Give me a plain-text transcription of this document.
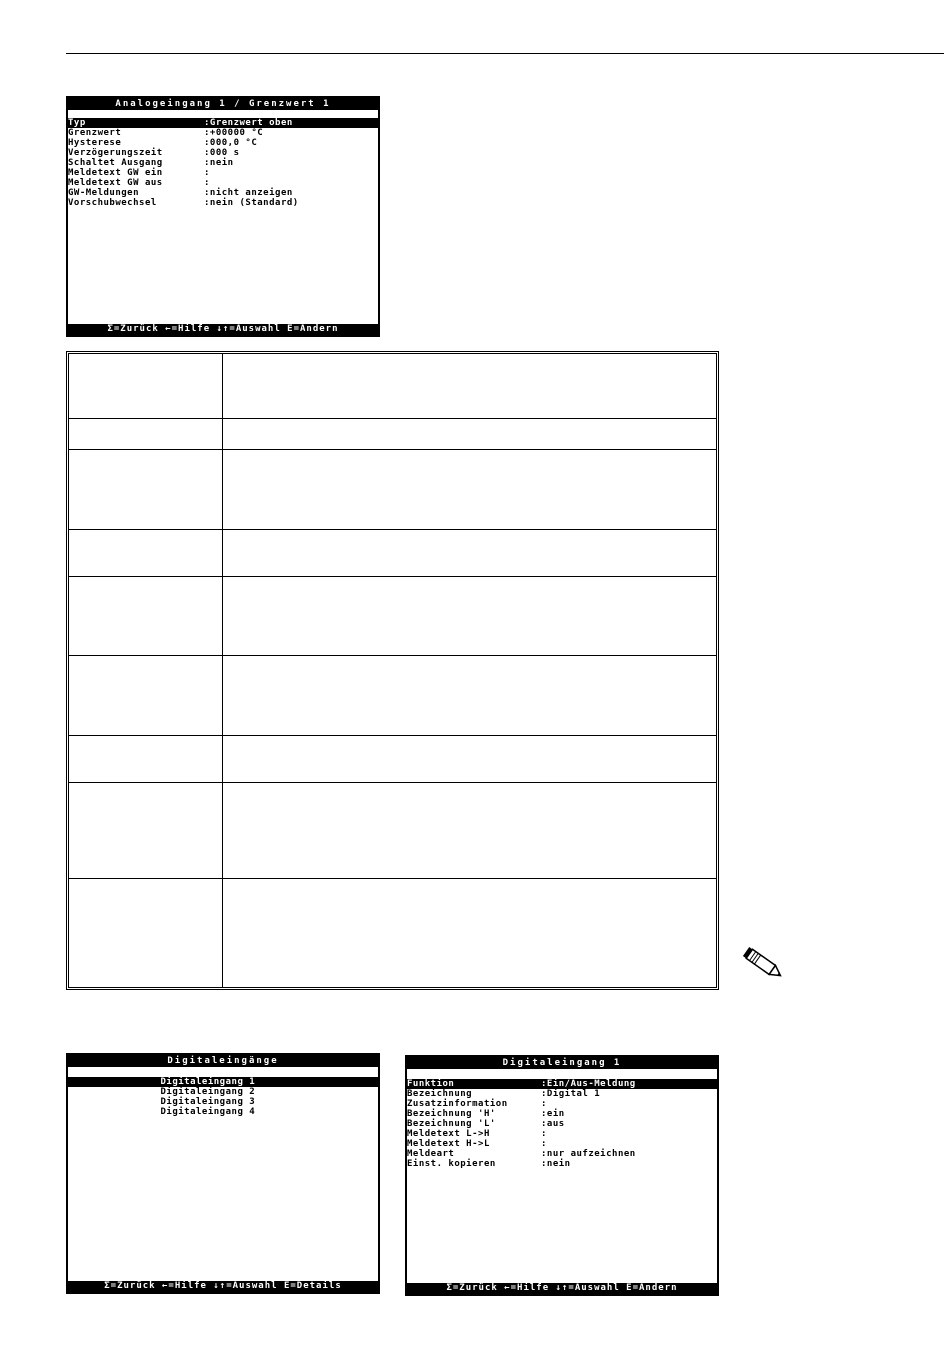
Analogeingang 1 / Grenzwert 1
Typ	:Grenzwert oben
Grenzwert	:+00000 °C
Hysterese	:000,0 °C
Verzögerungszeit	:000 s
Schaltet Ausgang	:nein
Meldetext GW ein	:
Meldetext GW aus	:
GW-Meldungen	:nicht anzeigen
Vorschubwechsel	:nein (Standard)
Σ=Zurück ←=Hilfe ↓↑=Auswahl E=Ändern
Digitaleingänge
Digitaleingang 1
Digitaleingang 2
Digitaleingang 3
Digitaleingang 4
Σ=Zurück ←=Hilfe ↓↑=Auswahl E=Details
Digitaleingang 1
Funktion	:Ein/Aus-Meldung
Bezeichnung	:Digital 1
Zusatzinformation	:
Bezeichnung 'H'	:ein
Bezeichnung 'L'	:aus
Meldetext L->H	:
Meldetext H->L	:
Meldeart	:nur aufzeichnen
Einst. kopieren	:nein
Σ=Zurück ←=Hilfe ↓↑=Auswahl E=Ändern
